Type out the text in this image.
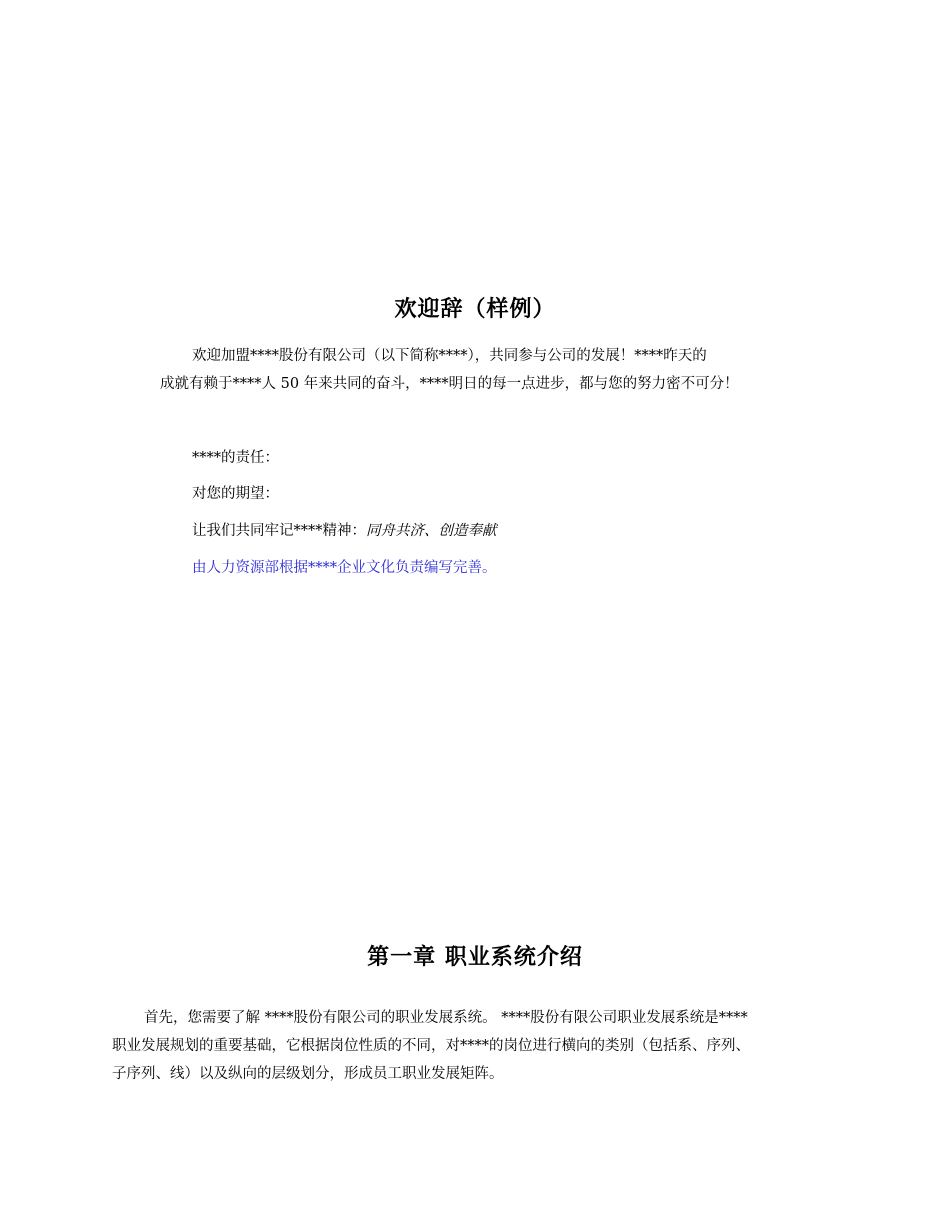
欢迎辞（样例）
欢迎加盟****股份有限公司（以下简称****），共同参与公司的发展！****昨天的
成就有赖于****人 50 年来共同的奋斗，****明日的每一点进步，都与您的努力密不可分！
****的责任：
对您的期望：
让我们共同牢记****精神：同舟共济、创造奉献
由人力资源部根据****企业文化负责编写完善。
第一章 职业系统介绍
首先，您需要了解 ****股份有限公司的职业发展系统。 ****股份有限公司职业发展系统是****
职业发展规划的重要基础，它根据岗位性质的不同，对****的岗位进行横向的类别（包括系、序列、
子序列、线）以及纵向的层级划分，形成员工职业发展矩阵。
